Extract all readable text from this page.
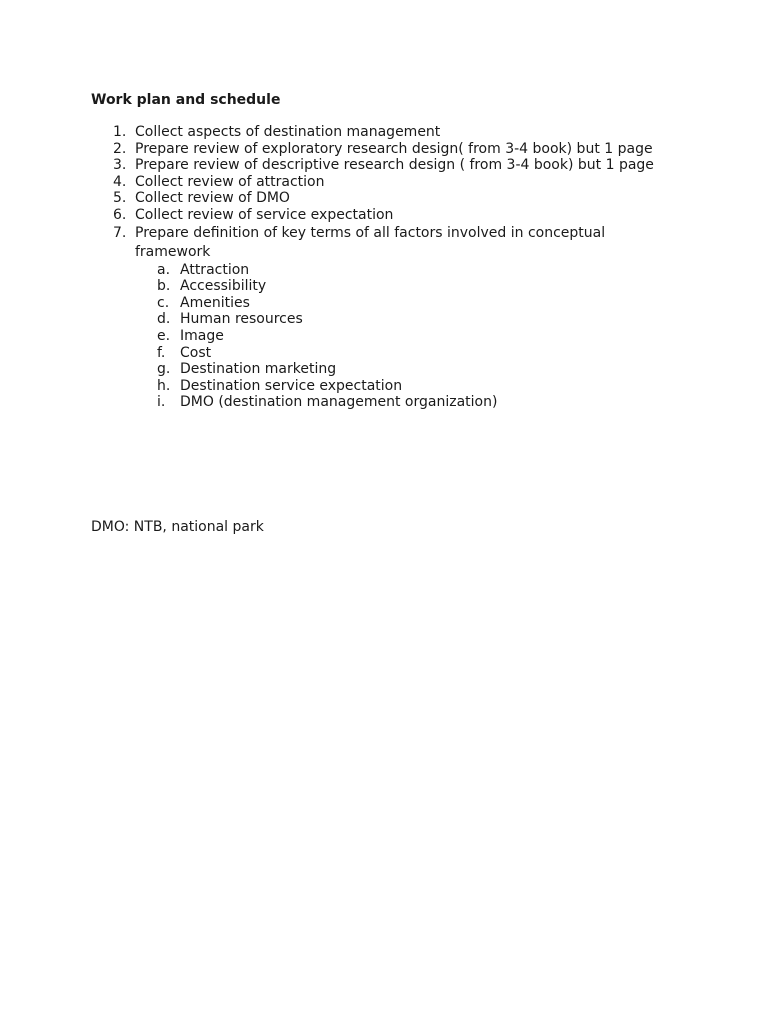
Work plan and schedule

1. Collect aspects of destination management
2. Prepare review of exploratory research design( from 3-4 book) but 1 page
3. Prepare review of descriptive research design ( from 3-4 book) but 1 page
4. Collect review of attraction
5. Collect review of DMO
6. Collect review of service expectation
7. Prepare definition of key terms of all factors involved in conceptual framework
a. Attraction
b. Accessibility
c. Amenities
d. Human resources
e. Image
f. Cost
g. Destination marketing
h. Destination service expectation
i. DMO (destination management organization)

DMO: NTB, national park
